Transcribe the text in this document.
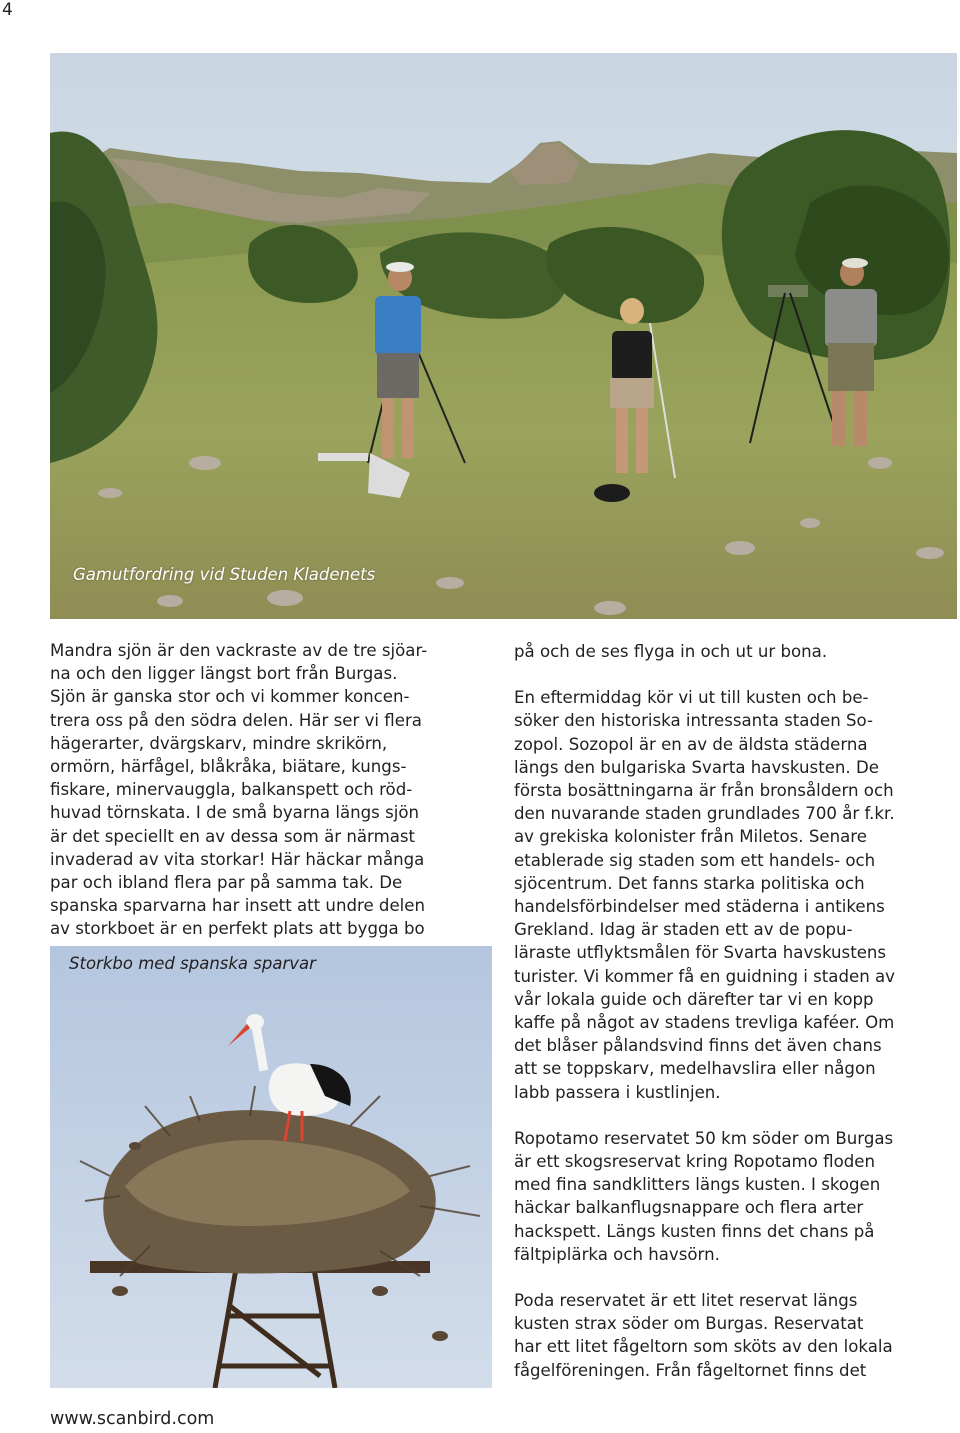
4
Gamutfordring vid Studen Kladenets

Mandra sjön är den vackraste av de tre sjöar-
na och den ligger längst bort från Burgas.
Sjön är ganska stor och vi kommer koncen-
trera oss på den södra delen. Här ser vi flera
hägerarter, dvärgskarv, mindre skrikörn,
ormörn, härfågel, blåkråka, biätare, kungs-
fiskare, minervauggla, balkanspett och röd-
huvad törnskata. I de små byarna längs sjön
är det speciellt en av dessa som är närmast
invaderad av vita storkar! Här häckar många
par och ibland flera par på samma tak. De
spanska sparvarna har insett att undre delen
av storkboet är en perfekt plats att bygga bo

Storkbo med spanska sparvar

på och de ses flyga in och ut ur bona.

En eftermiddag kör vi ut till kusten och be-
söker den historiska intressanta staden So-
zopol. Sozopol är en av de äldsta städerna
längs den bulgariska Svarta havskusten. De
första bosättningarna är från bronsåldern och
den nuvarande staden grundlades 700 år f.kr.
av grekiska kolonister från Miletos. Senare
etablerade sig staden som ett handels- och
sjöcentrum. Det fanns starka politiska och
handelsförbindelser med städerna i antikens
Grekland. Idag är staden ett av de popu-
läraste utflyktsmålen för Svarta havskustens
turister. Vi kommer få en guidning i staden av
vår lokala guide och därefter tar vi en kopp
kaffe på något av stadens trevliga kaféer. Om
det blåser pålandsvind finns det även chans
att se toppskarv, medelhavslira eller någon
labb passera i kustlinjen.

Ropotamo reservatet 50 km söder om Burgas
är ett skogsreservat kring Ropotamo floden
med fina sandklitters längs kusten. I skogen
häckar balkanflugsnappare och flera arter
hackspett. Längs kusten finns det chans på
fältpiplärka och havsörn.

Poda reservatet är ett litet reservat längs
kusten strax söder om Burgas. Reservatat
har ett litet fågeltorn som sköts av den lokala
fågelföreningen. Från fågeltornet finns det

www.scanbird.com
